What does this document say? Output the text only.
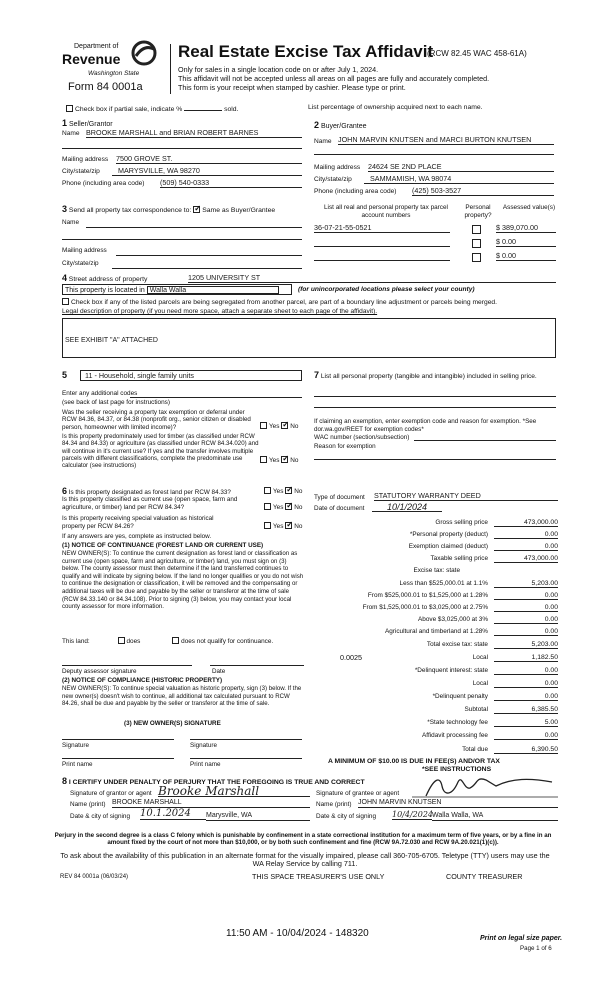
Department of
Revenue
Washington State
Form 84 0001a
Real Estate Excise Tax Affidavit
(RCW 82.45 WAC 458-61A)
Only for sales in a single location code on or after July 1, 2024.
This affidavit will not be accepted unless all areas on all pages are fully and accurately completed.
This form is your receipt when stamped by cashier. Please type or print.
Check box if partial sale, indicate %	sold.	List percentage of ownership acquired next to each name.
1 Seller/Grantor
Name BROOKE MARSHALL and BRIAN ROBERT BARNES
Mailing address 7500 GROVE ST.
City/state/zip	MARYSVILLE, WA 98270
Phone (including area code) (509) 540-0333
2 Buyer/Grantee
Name JOHN MARVIN KNUTSEN and MARCI BURTON KNUTSEN
Mailing address 24624 SE 2ND PLACE
City/state/zip	SAMMAMISH, WA 98074
Phone (including area code) (425) 503-3527
3 Send all property tax correspondence to: ✓ Same as Buyer/Grantee
Name
Mailing address
City/state/zip
List all real and personal property tax parcel account numbers
Personal property?
Assessed value(s)
36-07-21-55-0521	$ 389,070.00
$ 0.00
$ 0.00
4 Street address of property	1205 UNIVERSITY ST
This property is located in Walla Walla	(for unincorporated locations please select your county)
Check box if any of the listed parcels are being segregated from another parcel, are part of a boundary line adjustment or parcels being merged.
Legal description of property (if you need more space, attach a separate sheet to each page of the affidavit).
SEE EXHIBIT "A" ATTACHED
5	11 - Household, single family units
Enter any additional codes
(see back of last page for instructions)
Was the seller receiving a property tax exemption or deferral under RCW 84.36, 84.37, or 84.38 (nonprofit org., senior citizen or disabled person, homeowner with limited income)?	Yes ✓ No
Is this property predominately used for timber (as classified under RCW 84.34 and 84.33) or agriculture (as classified under RCW 84.34.020) and will continue in it's current use? If yes and the transfer involves multiple parcels with different classifications, complete the predominate use calculator (see instructions)
Yes ✓ No
7 List all personal property (tangible and intangible) included in selling price.
If claiming an exemption, enter exemption code and reason for exemption. *See dor.wa.gov/REET for exemption codes*
WAC number (section/subsection)
Reason for exemption
6 Is this property designated as forest land per RCW 84.33?	Yes ✓ No
Is this property classified as current use (open space, farm and agriculture, or timber) land per RCW 84.34?	Yes ✓ No
Is this property receiving special valuation as historical property per RCW 84.26?	Yes ✓ No
If any answers are yes, complete as instructed below.
(1) NOTICE OF CONTINUANCE (FOREST LAND OR CURRENT USE)
NEW OWNER(S): To continue the current designation as forest land or classification as current use (open space, farm and agriculture, or timber) land, you must sign on (3) below. The county assessor must then determine if the land transferred continues to qualify and will indicate by signing below. If the land no longer qualifies or you do not wish to continue the designation or classification, it will be removed and the compensating or additional taxes will be due and payable by the seller or transferor at the time of sale (RCW 84.33.140 or 84.34.108). Prior to signing (3) below, you may contact your local county assessor for more information.
This land:	does	does not qualify for continuance.
Deputy assessor signature	Date
(2) NOTICE OF COMPLIANCE (HISTORIC PROPERTY)
NEW OWNER(S): To continue special valuation as historic property, sign (3) below. If the new owner(s) doesn't wish to continue, all additional tax calculated pursuant to RCW 84.26, shall be due and payable by the seller or transferor at the time of sale.
(3) NEW OWNER(S) SIGNATURE
Signature	Signature
Print name	Print name
Type of document STATUTORY WARRANTY DEED
Date of document	10/1/2024
Gross selling price	473,000.00
*Personal property (deduct)	0.00
Exemption claimed (deduct)	0.00
Taxable selling price	473,000.00
Excise tax: state
Less than $525,000.01 at 1.1%	5,203.00
From $525,000.01 to $1,525,000 at 1.28%	0.00
From $1,525,000.01 to $3,025,000 at 2.75%	0.00
Above $3,025,000 at 3%	0.00
Agricultural and timberland at 1.28%	0.00
Total excise tax: state	5,203.00
0.0025	Local	1,182.50
*Delinquent interest: state	0.00
Local	0.00
*Delinquent penalty	0.00
Subtotal	6,385.50
*State technology fee	5.00
Affidavit processing fee	0.00
Total due	6,390.50
A MINIMUM OF $10.00 IS DUE IN FEE(S) AND/OR TAX
*SEE INSTRUCTIONS
8 I CERTIFY UNDER PENALTY OF PERJURY THAT THE FOREGOING IS TRUE AND CORRECT
Signature of grantor or agent Brooke Marshall
Name (print) BROOKE MARSHALL
Date & city of signing 10.1.2024	Marysville, WA
Signature of grantee or agent
Name (print) JOHN MARVIN KNUTSEN
Date & city of signing 10/4/2024
Walla Walla, WA
Perjury in the second degree is a class C felony which is punishable by confinement in a state correctional institution for a maximum term of five years, or by a fine in an amount fixed by the court of not more than $10,000, or by both such confinement and fine (RCW 9A.72.030 and RCW 9A.20.021(1)(c)).
To ask about the availability of this publication in an alternate format for the visually impaired, please call 360-705-6705. Teletype (TTY) users may use the WA Relay Service by calling 711.
REV 84 0001a (06/03/24)	THIS SPACE TREASURER'S USE ONLY	COUNTY TREASURER
11:50 AM - 10/04/2024 - 148320	Print on legal size paper.
Page 1 of 6
